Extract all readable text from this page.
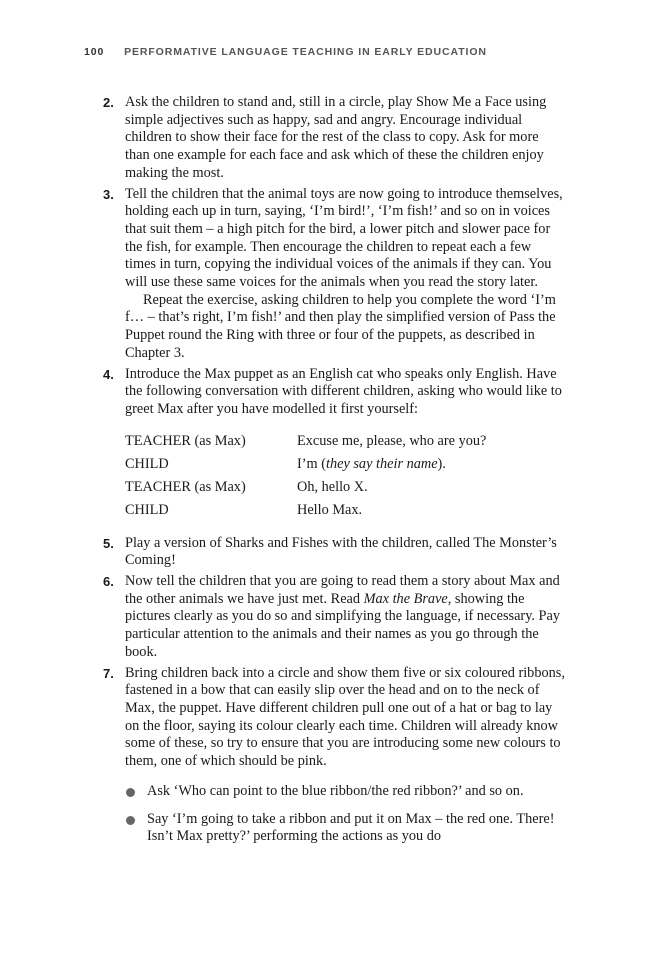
100 PERFORMATIVE LANGUAGE TEACHING IN EARLY EDUCATION
2. Ask the children to stand and, still in a circle, play Show Me a Face using simple adjectives such as happy, sad and angry. Encourage individual children to show their face for the rest of the class to copy. Ask for more than one example for each face and ask which of these the children enjoy making the most.

3. Tell the children that the animal toys are now going to introduce themselves, holding each up in turn, saying, ‘I’m bird!’, ‘I’m fish!’ and so on in voices that suit them – a high pitch for the bird, a lower pitch and slower pace for the fish, for example. Then encourage the children to repeat each a few times in turn, copying the individual voices of the animals if they can. You will use these same voices for the animals when you read the story later.

Repeat the exercise, asking children to help you complete the word ‘I’m f… – that’s right, I’m fish!’ and then play the simplified version of Pass the Puppet round the Ring with three or four of the puppets, as described in Chapter 3.

4. Introduce the Max puppet as an English cat who speaks only English. Have the following conversation with different children, asking who would like to greet Max after you have modelled it first yourself:

TEACHER (as Max)	Excuse me, please, who are you?
CHILD	I’m (they say their name).
TEACHER (as Max)	Oh, hello X.
CHILD	Hello Max.
5. Play a version of Sharks and Fishes with the children, called The Monster’s Coming!

6. Now tell the children that you are going to read them a story about Max and the other animals we have just met. Read Max the Brave, showing the pictures clearly as you do so and simplifying the language, if necessary. Pay particular attention to the animals and their names as you go through the book.

7. Bring children back into a circle and show them five or six coloured ribbons, fastened in a bow that can easily slip over the head and on to the neck of Max, the puppet. Have different children pull one out of a hat or bag to lay on the floor, saying its colour clearly each time. Children will already know some of these, so try to ensure that you are introducing some new colours to them, one of which should be pink.

Ask ‘Who can point to the blue ribbon/the red ribbon?’ and so on.
Say ‘I’m going to take a ribbon and put it on Max – the red one. There! Isn’t Max pretty?’ performing the actions as you do
